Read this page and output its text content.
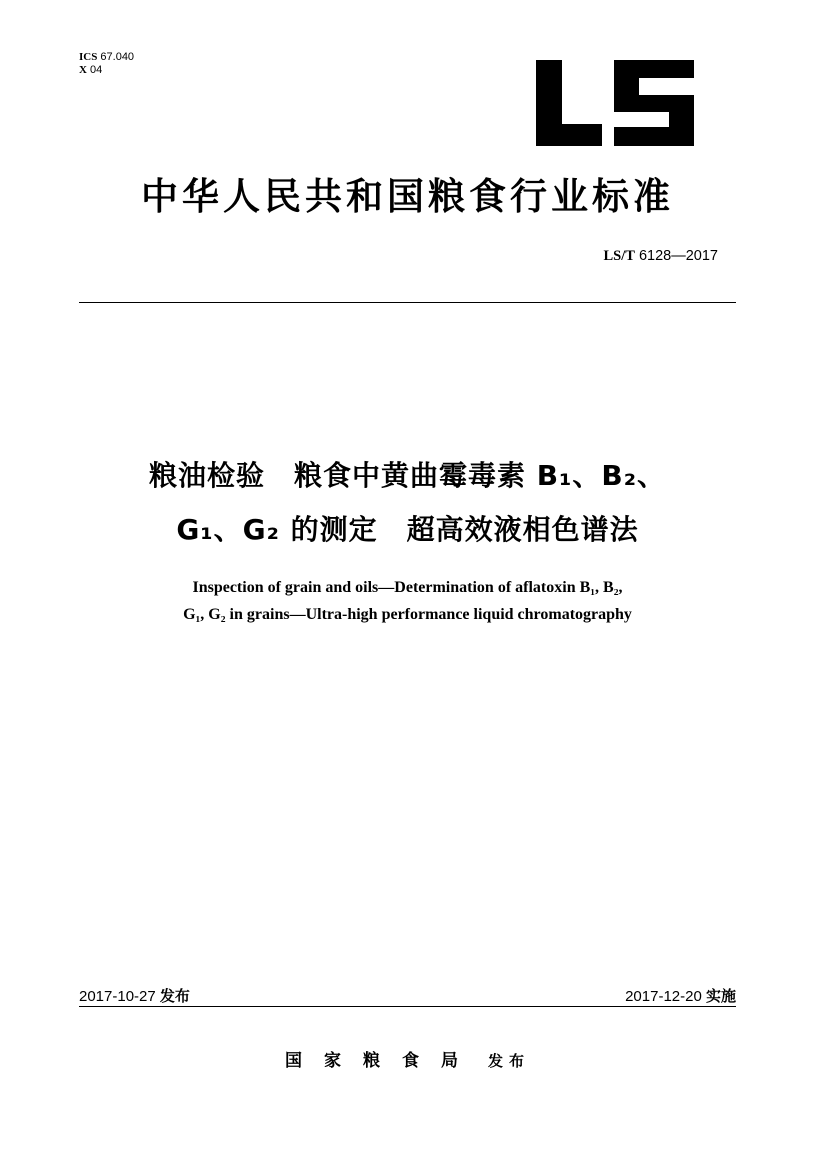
ICS 67.040
X 04
中华人民共和国粮食行业标准
LS/T 6128—2017
粮油检验　粮食中黄曲霉毒素 B₁、B₂、
G₁、G₂ 的测定　超高效液相色谱法
Inspection of grain and oils—Determination of aflatoxin B₁, B₂,
G₁, G₂ in grains—Ultra-high performance liquid chromatography
2017-10-27 发布	2017-12-20 实施
国家粮食局 发布
